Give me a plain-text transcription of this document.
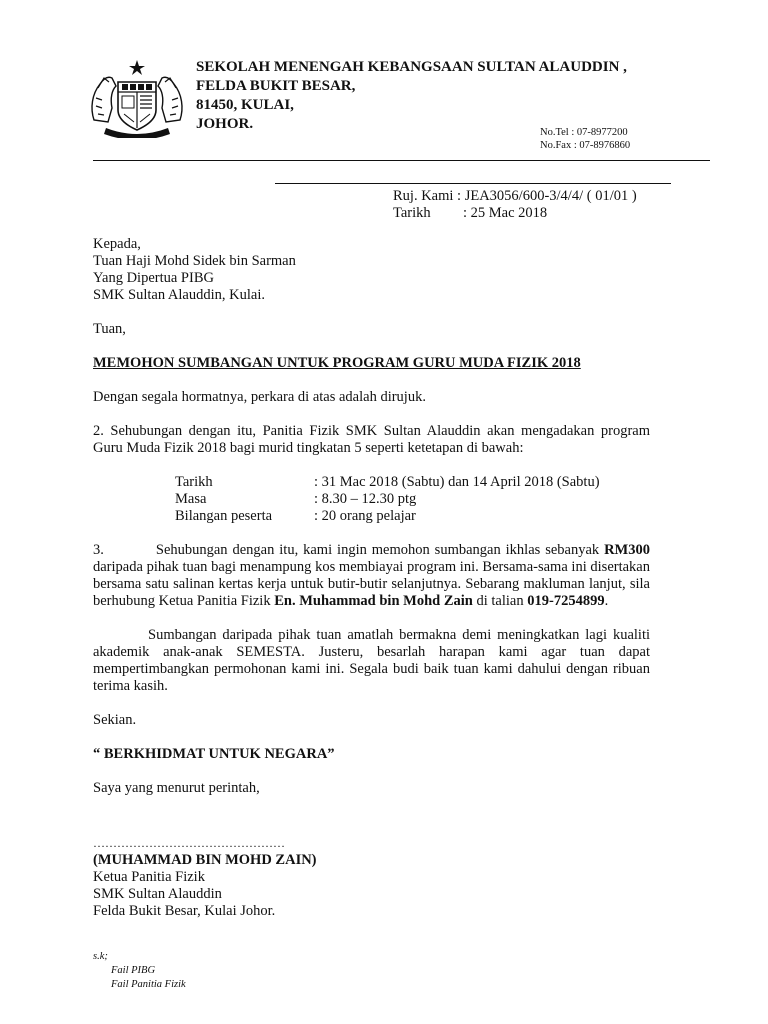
SEKOLAH MENENGAH KEBANGSAAN SULTAN ALAUDDIN ,
FELDA BUKIT BESAR,
81450, KULAI,
JOHOR.
No.Tel : 07-8977200
No.Fax : 07-8976860
Ruj. Kami : JEA3056/600-3/4/4/ ( 01/01 )
Tarikh : 25 Mac 2018

Kepada,

Tuan Haji Mohd Sidek bin Sarman

Yang Dipertua PIBG

SMK Sultan Alauddin, Kulai.

Tuan,

MEMOHON SUMBANGAN UNTUK PROGRAM GURU MUDA FIZIK 2018

Dengan segala hormatnya, perkara di atas adalah dirujuk.

2. Sehubungan dengan itu, Panitia Fizik SMK Sultan Alauddin akan mengadakan program Guru Muda Fizik 2018 bagi murid tingkatan 5 seperti ketetapan di bawah:

Tarikh	: 31 Mac 2018 (Sabtu) dan 14 April 2018 (Sabtu)
Masa	: 8.30 – 12.30 ptg
Bilangan peserta	: 20 orang pelajar

3.	Sehubungan dengan itu, kami ingin memohon sumbangan ikhlas sebanyak RM300 daripada pihak tuan bagi menampung kos membiayai program ini. Bersama-sama ini disertakan bersama satu salinan kertas kerja untuk butir-butir selanjutnya. Sebarang makluman lanjut, sila berhubung Ketua Panitia Fizik En. Muhammad bin Mohd Zain di talian 019-7254899.

Sumbangan daripada pihak tuan amatlah bermakna demi meningkatkan lagi kualiti akademik anak-anak SEMESTA. Justeru, besarlah harapan kami agar tuan dapat mempertimbangkan permohonan kami ini. Segala budi baik tuan kami dahului dengan ribuan terima kasih.

Sekian.

“ BERKHIDMAT UNTUK NEGARA”

Saya yang menurut perintah,

…………………………………………

(MUHAMMAD BIN MOHD ZAIN)

Ketua Panitia Fizik

SMK Sultan Alauddin

Felda Bukit Besar, Kulai Johor.

s.k;
Fail PIBG
Fail Panitia Fizik
